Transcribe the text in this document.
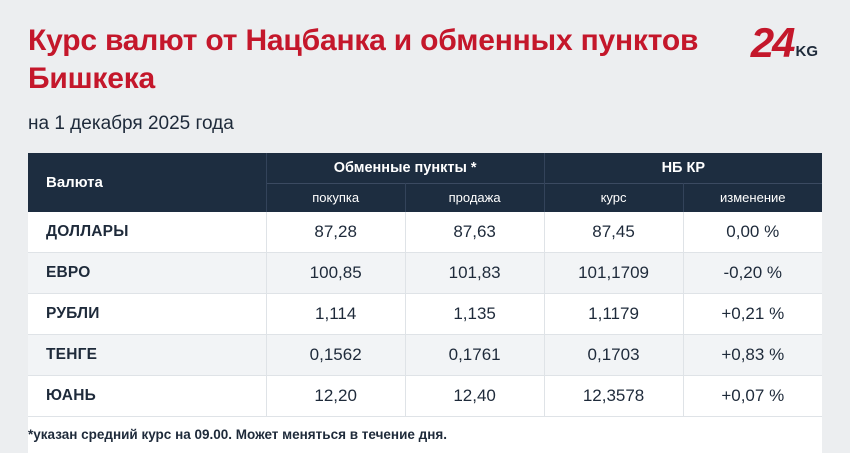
Курс валют от Нацбанка и обменных пунктов Бишкека

на 1 декабря 2025 года

24 KG
Валюта	Обменные пункты *		НБ КР	
	покупка	продажа	курс	изменение
ДОЛЛАРЫ	87,28	87,63	87,45	0,00 %
ЕВРО	100,85	101,83	101,1709	-0,20 %
РУБЛИ	1,114	1,135	1,1179	+0,21 %
ТЕНГЕ	0,1562	0,1761	0,1703	+0,83 %
ЮАНЬ	12,20	12,40	12,3578	+0,07 %
*указан средний курс на 09.00. Может меняться в течение дня.				
